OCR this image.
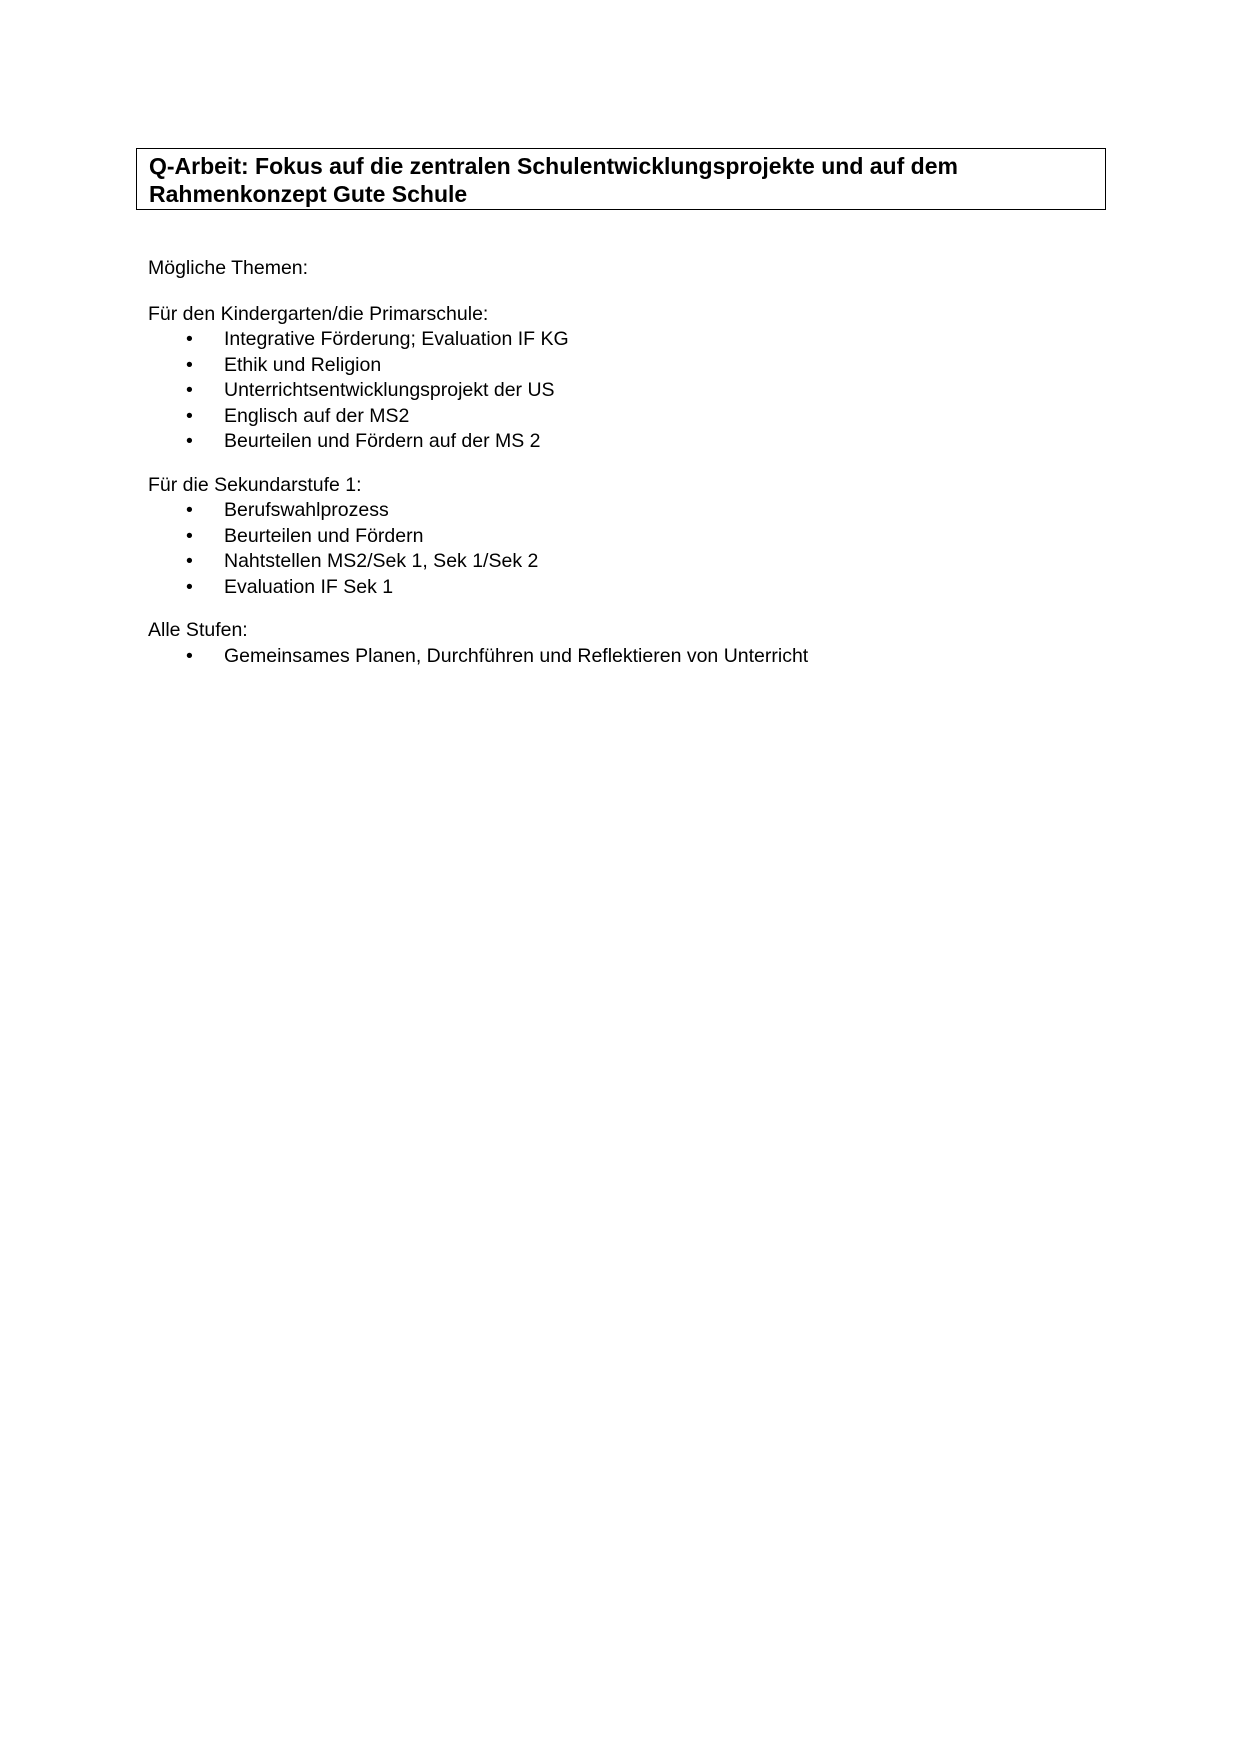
Q-Arbeit: Fokus auf die zentralen Schulentwicklungsprojekte und auf dem Rahmenkonzept Gute Schule

Mögliche Themen:

Für den Kindergarten/die Primarschule:

• Integrative Förderung; Evaluation IF KG
• Ethik und Religion
• Unterrichtsentwicklungsprojekt der US
• Englisch auf der MS2
• Beurteilen und Fördern auf der MS 2

Für die Sekundarstufe 1:

• Berufswahlprozess
• Beurteilen und Fördern
• Nahtstellen MS2/Sek 1, Sek 1/Sek 2
• Evaluation IF Sek 1

Alle Stufen:

• Gemeinsames Planen, Durchführen und Reflektieren von Unterricht
